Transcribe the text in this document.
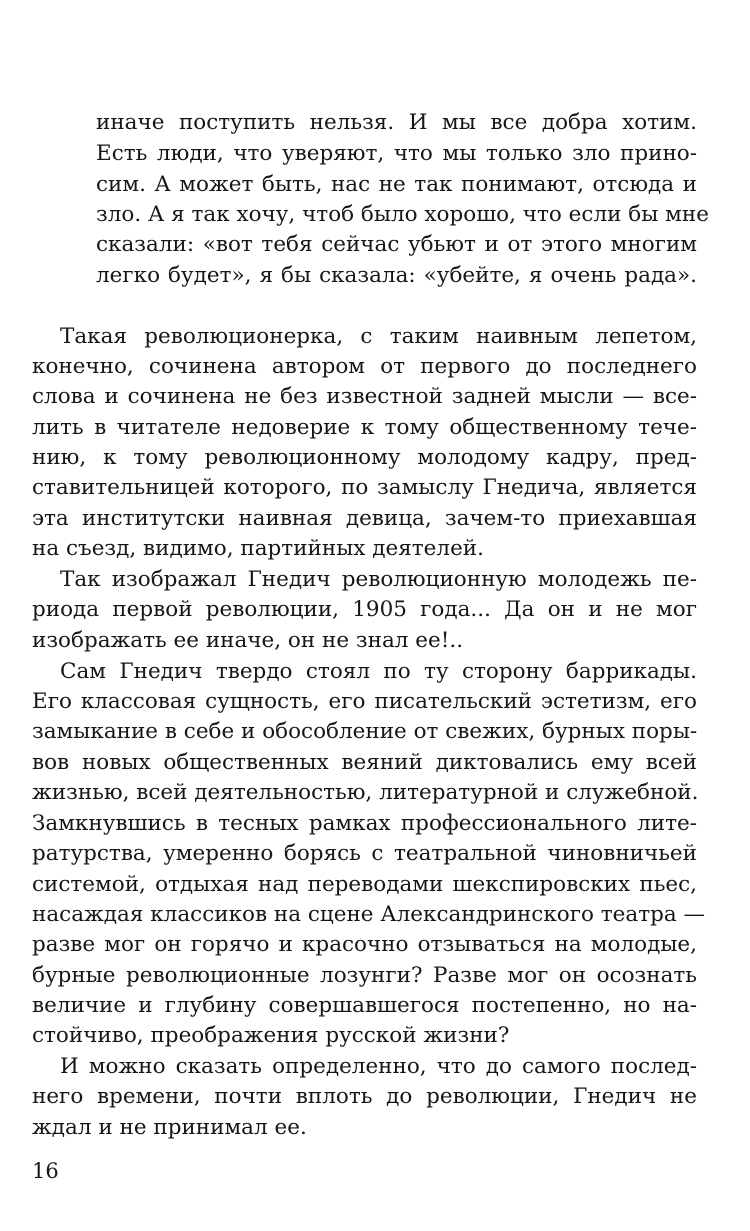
иначе поступить нельзя. И мы все добра хотим.
Есть люди, что уверяют, что мы только зло прино-
сим. А может быть, нас не так понимают, отсюда и
зло. А я так хочу, чтоб было хорошо, что если бы мне
сказали: «вот тебя сейчас убьют и от этого многим
легко будет», я бы сказала: «убейте, я очень рада».
Такая революционерка, с таким наивным лепетом,
конечно, сочинена автором от первого до последнего
слова и сочинена не без известной задней мысли — все-
лить в читателе недоверие к тому общественному тече-
нию, к тому революционному молодому кадру, пред-
ставительницей которого, по замыслу Гнедича, является
эта институтски наивная девица, зачем-то приехавшая
на съезд, видимо, партийных деятелей.
Так изображал Гнедич революционную молодежь пе-
риода первой революции, 1905 года... Да он и не мог
изображать ее иначе, он не знал ее!..
Сам Гнедич твердо стоял по ту сторону баррикады.
Его классовая сущность, его писательский эстетизм, его
замыкание в себе и обособление от свежих, бурных поры-
вов новых общественных веяний диктовались ему всей
жизнью, всей деятельностью, литературной и служебной.
Замкнувшись в тесных рамках профессионального лите-
ратурства, умеренно борясь с театральной чиновничьей
системой, отдыхая над переводами шекспировских пьес,
насаждая классиков на сцене Александринского театра —
разве мог он горячо и красочно отзываться на молодые,
бурные революционные лозунги? Разве мог он осознать
величие и глубину совершавшегося постепенно, но на-
стойчиво, преображения русской жизни?
И можно сказать определенно, что до самого послед-
него времени, почти вплоть до революции, Гнедич не
ждал и не принимал ее.
16
